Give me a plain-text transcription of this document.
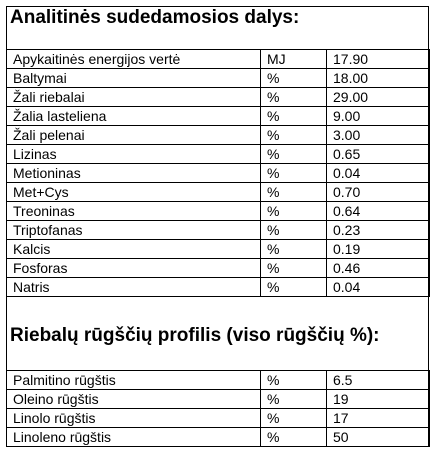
Analitinės sudedamosios dalys:
Apykaitinės energijos vertė	MJ	17.90
Baltymai	%	18.00
Žali riebalai	%	29.00
Žalia lasteliena	%	9.00
Žali pelenai	%	3.00
Lizinas	%	0.65
Metioninas	%	0.04
Met+Cys	%	0.70
Treoninas	%	0.64
Triptofanas	%	0.23
Kalcis	%	0.19
Fosforas	%	0.46
Natris	%	0.04
Riebalų rūgščių profilis (viso rūgščių %):
Palmitino rūgštis	%	6.5
Oleino rūgštis	%	19
Linolo rūgštis	%	17
Linoleno rūgštis	%	50
